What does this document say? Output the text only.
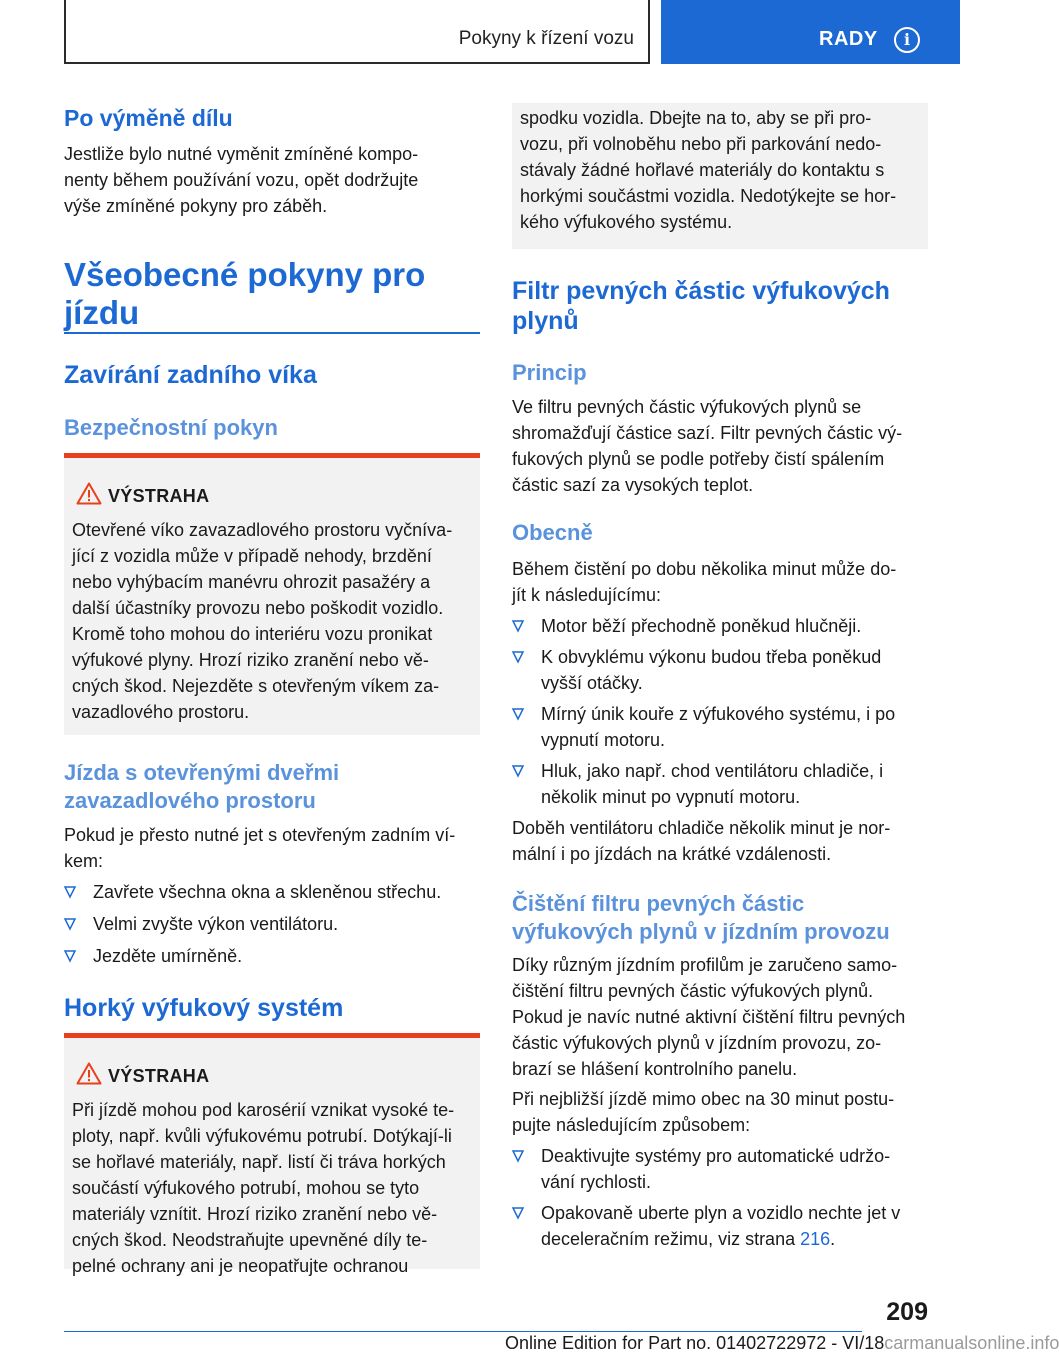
Pokyny k řízení vozu	RADY	i
Po výměně dílu
Jestliže bylo nutné vyměnit zmíněné kompo-
nenty během používání vozu, opět dodržujte
výše zmíněné pokyny pro záběh.
Všeobecné pokyny pro
jízdu
Zavírání zadního víka
Bezpečnostní pokyn
VÝSTRAHA
Otevřené víko zavazadlového prostoru vyčníva-
jící z vozidla může v případě nehody, brzdění
nebo vyhýbacím manévru ohrozit pasažéry a
další účastníky provozu nebo poškodit vozidlo.
Kromě toho mohou do interiéru vozu pronikat
výfukové plyny. Hrozí riziko zranění nebo vě-
cných škod. Nejezděte s otevřeným víkem za-
vazadlového prostoru.
Jízda s otevřenými dveřmi
zavazadlového prostoru
Pokud je přesto nutné jet s otevřeným zadním ví-
kem:
Zavřete všechna okna a skleněnou střechu.
Velmi zvyšte výkon ventilátoru.
Jezděte umírněně.
Horký výfukový systém
VÝSTRAHA
Při jízdě mohou pod karosérií vznikat vysoké te-
ploty, např. kvůli výfukovému potrubí. Dotýkají-li
se hořlavé materiály, např. listí či tráva horkých
součástí výfukového potrubí, mohou se tyto
materiály vznítit. Hrozí riziko zranění nebo vě-
cných škod. Neodstraňujte upevněné díly te-
pelné ochrany ani je neopatřujte ochranou
spodku vozidla. Dbejte na to, aby se při pro-
vozu, při volnoběhu nebo při parkování nedo-
stávaly žádné hořlavé materiály do kontaktu s
horkými součástmi vozidla. Nedotýkejte se hor-
kého výfukového systému.
Filtr pevných částic výfukových
plynů
Princip
Ve filtru pevných částic výfukových plynů se
shromažďují částice sazí. Filtr pevných částic vý-
fukových plynů se podle potřeby čistí spálením
částic sazí za vysokých teplot.
Obecně
Během čistění po dobu několika minut může do-
jít k následujícímu:
Motor běží přechodně poněkud hlučněji.
K obvyklému výkonu budou třeba poněkud
vyšší otáčky.
Mírný únik kouře z výfukového systému, i po
vypnutí motoru.
Hluk, jako např. chod ventilátoru chladiče, i
několik minut po vypnutí motoru.
Doběh ventilátoru chladiče několik minut je nor-
mální i po jízdách na krátké vzdálenosti.
Čištění filtru pevných částic
výfukových plynů v jízdním provozu
Díky různým jízdním profilům je zaručeno samo-
čištění filtru pevných částic výfukových plynů.
Pokud je navíc nutné aktivní čištění filtru pevných
částic výfukových plynů v jízdním provozu, zo-
brazí se hlášení kontrolního panelu.
Při nejbližší jízdě mimo obec na 30 minut postu-
pujte následujícím způsobem:
Deaktivujte systémy pro automatické udržo-
vání rychlosti.
Opakovaně uberte plyn a vozidlo nechte jet v
deceleračním režimu, viz strana 216.
209
Online Edition for Part no. 01402722972 - VI/18carmanualsonline.info
